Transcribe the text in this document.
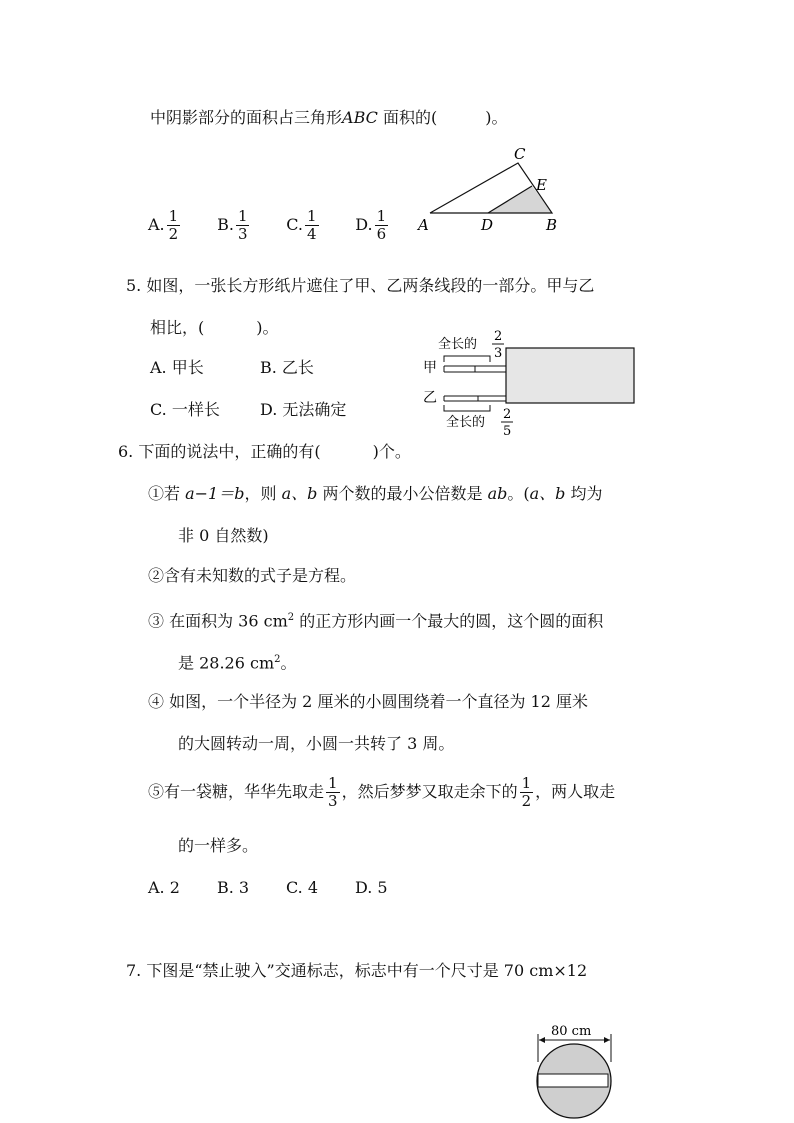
中阴影部分的面积占三角形ABC 面积的(	)。
C
E
A	D	B
A. $\frac{1}{2} B$. $\frac{1}{3} C$. $\frac{1}{4} D$. $\frac{1}{6}$
5. 如图，一张长方形纸片遮住了甲、乙两条线段的一部分。甲与乙
相比，(	)。
A. 甲长	B. 乙长
C. 一样长	D. 无法确定
甲
乙
全长的
2
3
全长的
2
5
6. 下面的说法中，正确的有(	)个。
①若 a−1＝b，则 a、b 两个数的最小公倍数是 ab。(a、b 均为
非 0 自然数)
②含有未知数的式子是方程。
③ 在面积为 36 $cm^2$ 的正方形内画一个最大的圆，这个圆的面积
是 28.26 $cm^2$。
④ 如图，一个半径为 2 厘米的小圆围绕着一个直径为 12 厘米
的大圆转动一周，小圆一共转了 3 周。
⑤有一袋糖，华华先取走 $\frac{1}{3}$ ，然后梦梦又取走余下的 $\frac{1}{2}$ ，两人取走
的一样多。
A. 2 B. 3 C. 4 D. 5
7. 下图是“禁止驶入”交通标志，标志中有一个尺寸是 70 cm×12
80 cm
